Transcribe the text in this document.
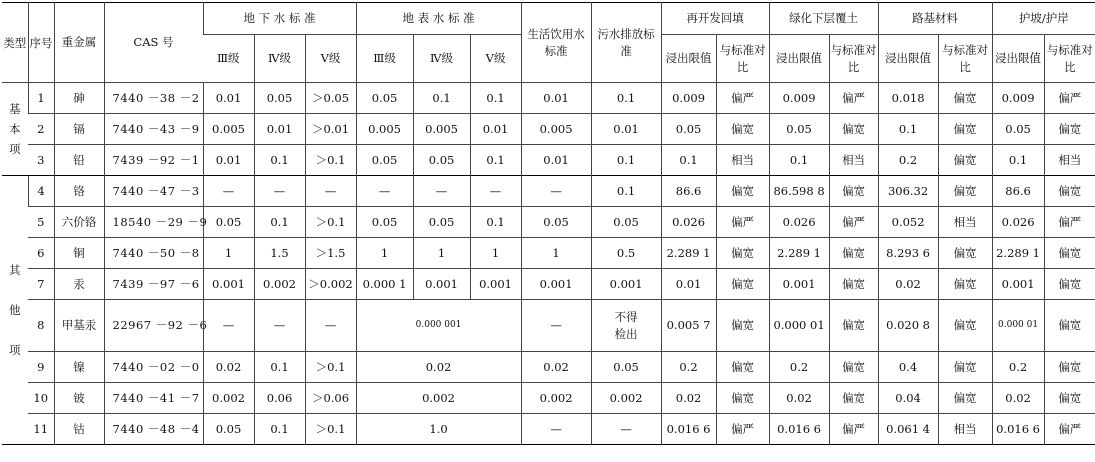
类型	序号	重金属	CAS 号	地 下 水 标 准			地 表 水 标 准			生活饮用水标准	污水排放标准	再开发回填		绿化下层覆土		路基材料		护坡/护岸	
				Ⅲ级	Ⅳ级	Ⅴ级	Ⅲ级	Ⅳ级	Ⅴ级			浸出限值	与标准对比	浸出限值	与标准对比	浸出限值	与标准对比	浸出限值	与标准对比
基本项	1	砷	7440 －38 －2	0.01	0.05	＞0.05	0.05	0.1	0.1	0.01	0.1	0.009	偏严	0.009	偏严	0.018	偏宽	0.009	偏严
	2	镉	7440 －43 －9	0.005	0.01	＞0.01	0.005	0.005	0.01	0.005	0.01	0.05	偏宽	0.05	偏宽	0.1	偏宽	0.05	偏宽
	3	铅	7439 －92 －1	0.01	0.1	＞0.1	0.05	0.05	0.1	0.01	0.1	0.1	相当	0.1	相当	0.2	偏宽	0.1	相当
其他项	4	铬	7440 －47 －3	—	—	—	—	—	—	—	0.1	86.6	偏宽	86.598 8	偏宽	306.32	偏宽	86.6	偏宽
	5	六价铬	18540 －29 －9	0.05	0.1	＞0.1	0.05	0.05	0.1	0.05	0.05	0.026	偏严	0.026	偏严	0.052	相当	0.026	偏严
	6	铜	7440 －50 －8	1	1.5	＞1.5	1	1	1	1	0.5	2.289 1	偏宽	2.289 1	偏宽	8.293 6	偏宽	2.289 1	偏宽
	7	汞	7439 －97 －6	0.001	0.002	＞0.002	0.000 1	0.001	0.001	0.001	0.001	0.01	偏宽	0.001	偏宽	0.02	偏宽	0.001	偏宽
	8	甲基汞	22967 －92 －6	—	—	—	0.000 001			—	不得检出	0.005 7	偏宽	0.000 01	偏宽	0.020 8	偏宽	0.000 01	偏宽
	9	镍	7440 －02 －0	0.02	0.1	＞0.1	0.02			0.02	0.05	0.2	偏宽	0.2	偏宽	0.4	偏宽	0.2	偏宽
	10	铍	7440 －41 －7	0.002	0.06	＞0.06	0.002			0.002	0.002	0.02	偏宽	0.02	偏宽	0.04	偏宽	0.02	偏宽
	11	钴	7440 －48 －4	0.05	0.1	＞0.1	1.0			—	—	0.016 6	偏严	0.016 6	偏严	0.061 4	相当	0.016 6	偏严
